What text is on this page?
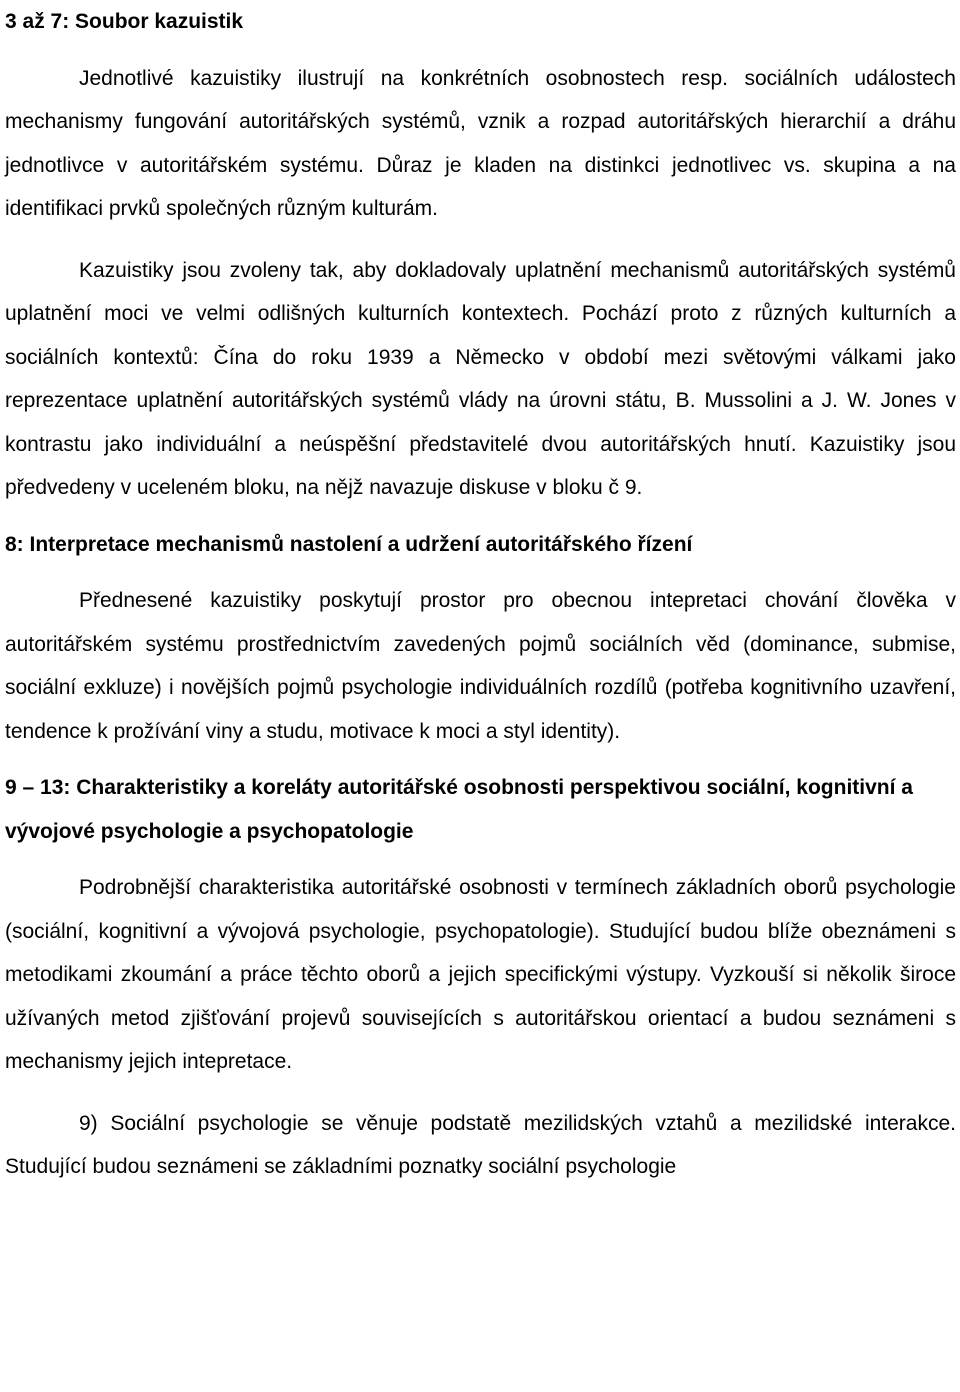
3 až 7: Soubor kazuistik

Jednotlivé kazuistiky ilustrují na konkrétních osobnostech resp. sociálních událostech mechanismy fungování autoritářských systémů, vznik a rozpad autoritářských hierarchií a dráhu jednotlivce v autoritářském systému. Důraz je kladen na distinkci jednotlivec vs. skupina a na identifikaci prvků společných různým kulturám.

Kazuistiky jsou zvoleny tak, aby dokladovaly uplatnění mechanismů autoritářských systémů uplatnění moci ve velmi odlišných kulturních kontextech. Pochází proto z různých kulturních a sociálních kontextů: Čína do roku 1939 a Německo v období mezi světovými válkami jako reprezentace uplatnění autoritářských systémů vlády na úrovni státu, B. Mussolini a J. W. Jones v kontrastu jako individuální a neúspěšní představitelé dvou autoritářských hnutí. Kazuistiky jsou předvedeny v uceleném bloku, na nějž navazuje diskuse v bloku č 9.

8: Interpretace mechanismů nastolení a udržení autoritářského řízení

Přednesené kazuistiky poskytují prostor pro obecnou intepretaci chování člověka v autoritářském systému prostřednictvím zavedených pojmů sociálních věd (dominance, submise, sociální exkluze) i novějších pojmů psychologie individuálních rozdílů (potřeba kognitivního uzavření, tendence k prožívání viny a studu, motivace k moci a styl identity).

9 – 13: Charakteristiky a koreláty autoritářské osobnosti perspektivou sociální, kognitivní a vývojové psychologie a psychopatologie

Podrobnější charakteristika autoritářské osobnosti v termínech základních oborů psychologie (sociální, kognitivní a vývojová psychologie, psychopatologie). Studující budou blíže obeznámeni s metodikami zkoumání a práce těchto oborů a jejich specifickými výstupy. Vyzkouší si několik široce užívaných metod zjišťování projevů souvisejících s autoritářskou orientací a budou seznámeni s mechanismy jejich intepretace.

9) Sociální psychologie se věnuje podstatě mezilidských vztahů a mezilidské interakce. Studující budou seznámeni se základními poznatky sociální psychologie
